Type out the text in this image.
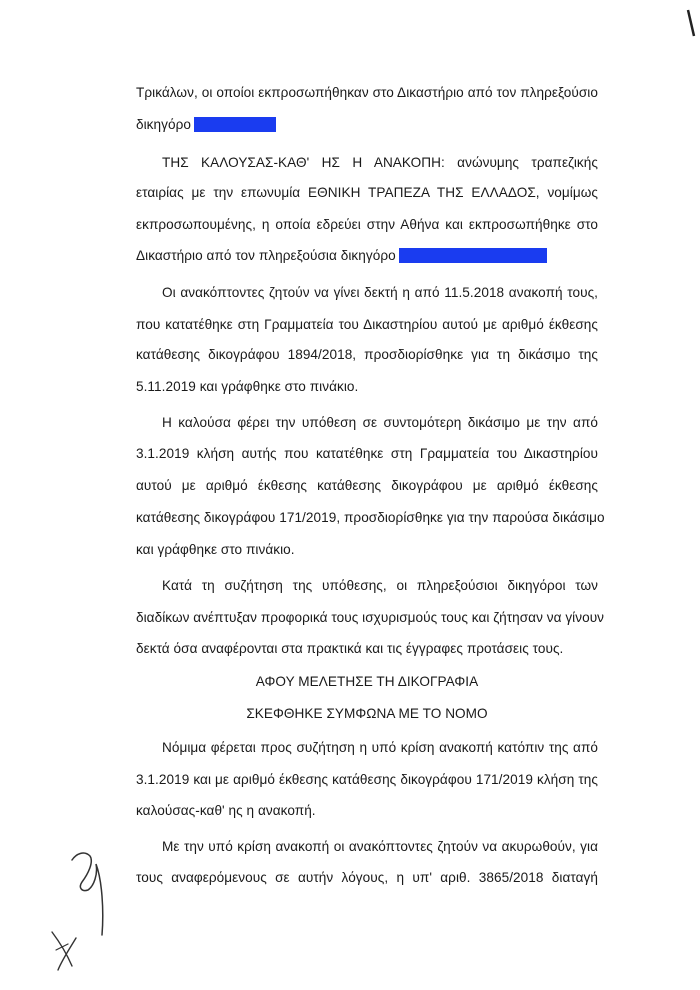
Τρικάλων, οι οποίοι εκπροσωπήθηκαν στο Δικαστήριο από τον πληρεξούσιο
δικηγόρο
ΤΗΣ ΚΑΛΟΥΣΑΣ-ΚΑΘ' ΗΣ Η ΑΝΑΚΟΠΗ: ανώνυμης τραπεζικής
εταιρίας με την επωνυμία ΕΘΝΙΚΗ ΤΡΑΠΕΖΑ ΤΗΣ ΕΛΛΑΔΟΣ, νομίμως
εκπροσωπουμένης, η οποία εδρεύει στην Αθήνα και εκπροσωπήθηκε στο
Δικαστήριο από τον πληρεξούσια δικηγόρο
Οι ανακόπτοντες ζητούν να γίνει δεκτή η από 11.5.2018 ανακοπή τους,
που κατατέθηκε στη Γραμματεία του Δικαστηρίου αυτού με αριθμό έκθεσης
κατάθεσης δικογράφου 1894/2018, προσδιορίσθηκε για τη δικάσιμο της
5.11.2019 και γράφθηκε στο πινάκιο.
Η καλούσα φέρει την υπόθεση σε συντομότερη δικάσιμο με την από
3.1.2019 κλήση αυτής που κατατέθηκε στη Γραμματεία του Δικαστηρίου
αυτού με αριθμό έκθεσης κατάθεσης δικογράφου με αριθμό έκθεσης
κατάθεσης δικογράφου 171/2019, προσδιορίσθηκε για την παρούσα δικάσιμο
και γράφθηκε στο πινάκιο.
Κατά τη συζήτηση της υπόθεσης, οι πληρεξούσιοι δικηγόροι των
διαδίκων ανέπτυξαν προφορικά τους ισχυρισμούς τους και ζήτησαν να γίνουν
δεκτά όσα αναφέρονται στα πρακτικά και τις έγγραφες προτάσεις τους.
ΑΦΟΥ ΜΕΛΕΤΗΣΕ ΤΗ ΔΙΚΟΓΡΑΦΙΑ
ΣΚΕΦΘΗΚΕ ΣΥΜΦΩΝΑ ΜΕ ΤΟ ΝΟΜΟ
Νόμιμα φέρεται προς συζήτηση η υπό κρίση ανακοπή κατόπιν της από
3.1.2019 και με αριθμό έκθεσης κατάθεσης δικογράφου 171/2019 κλήση της
καλούσας-καθ' ης η ανακοπή.
Με την υπό κρίση ανακοπή οι ανακόπτοντες ζητούν να ακυρωθούν, για
τους αναφερόμενους σε αυτήν λόγους, η υπ' αριθ. 3865/2018 διαταγή
